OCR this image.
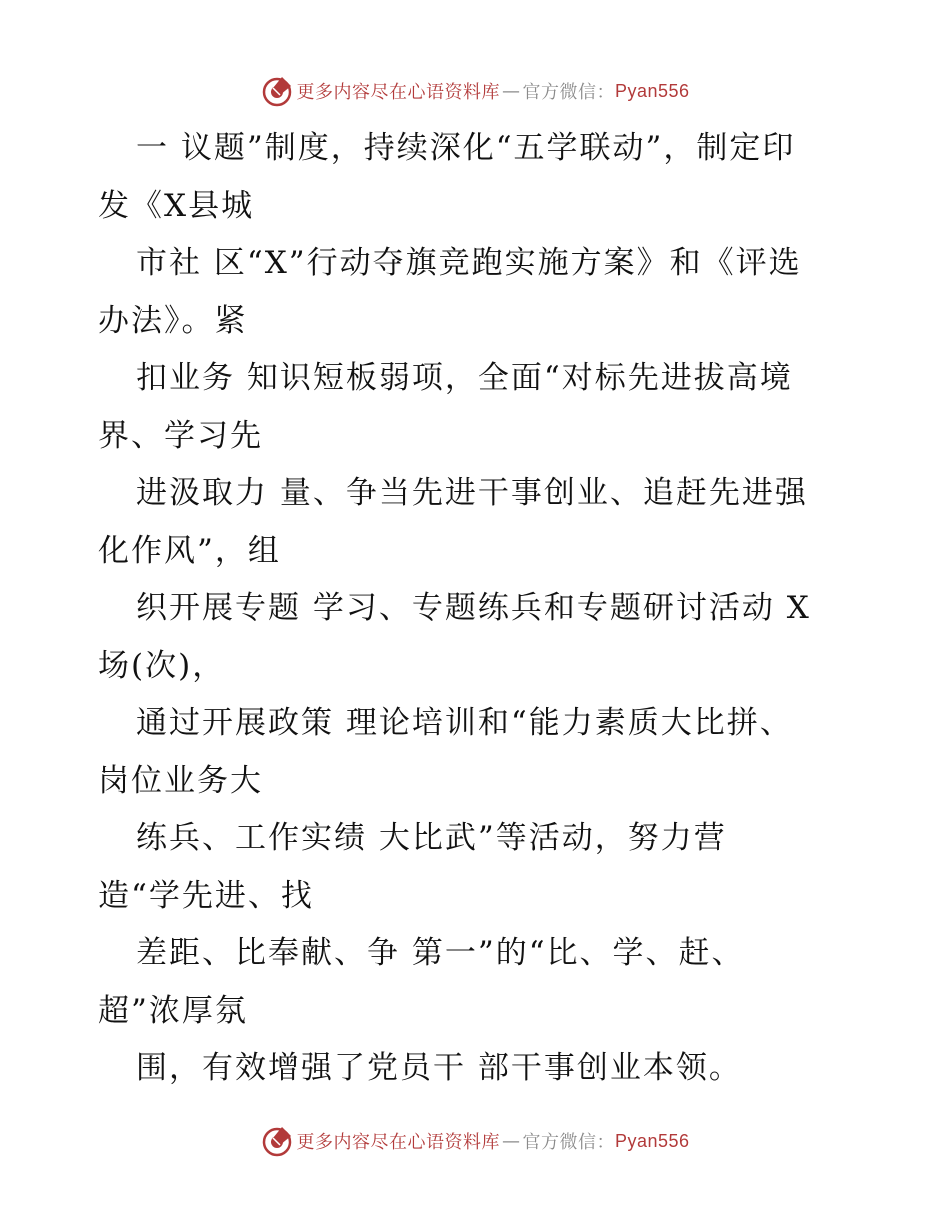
更多内容尽在心语资料库 — 官方微信： Pyan556
一 议题”制度，持续深化“五学联动”，制定印
发《X县城
市社 区“X”行动夺旗竞跑实施方案》和《评选
办法》。紧
扣业务 知识短板弱项，全面“对标先进拔高境
界、学习先
进汲取力 量、争当先进干事创业、追赶先进强
化作风”，组
织开展专题 学习、专题练兵和专题研讨活动 X
场(次)，
通过开展政策 理论培训和“能力素质大比拼、
岗位业务大
练兵、工作实绩 大比武”等活动，努力营
造“学先进、找
差距、比奉献、争 第一”的“比、学、赶、
超”浓厚氛
围，有效增强了党员干 部干事创业本领。
更多内容尽在心语资料库 — 官方微信： Pyan556
